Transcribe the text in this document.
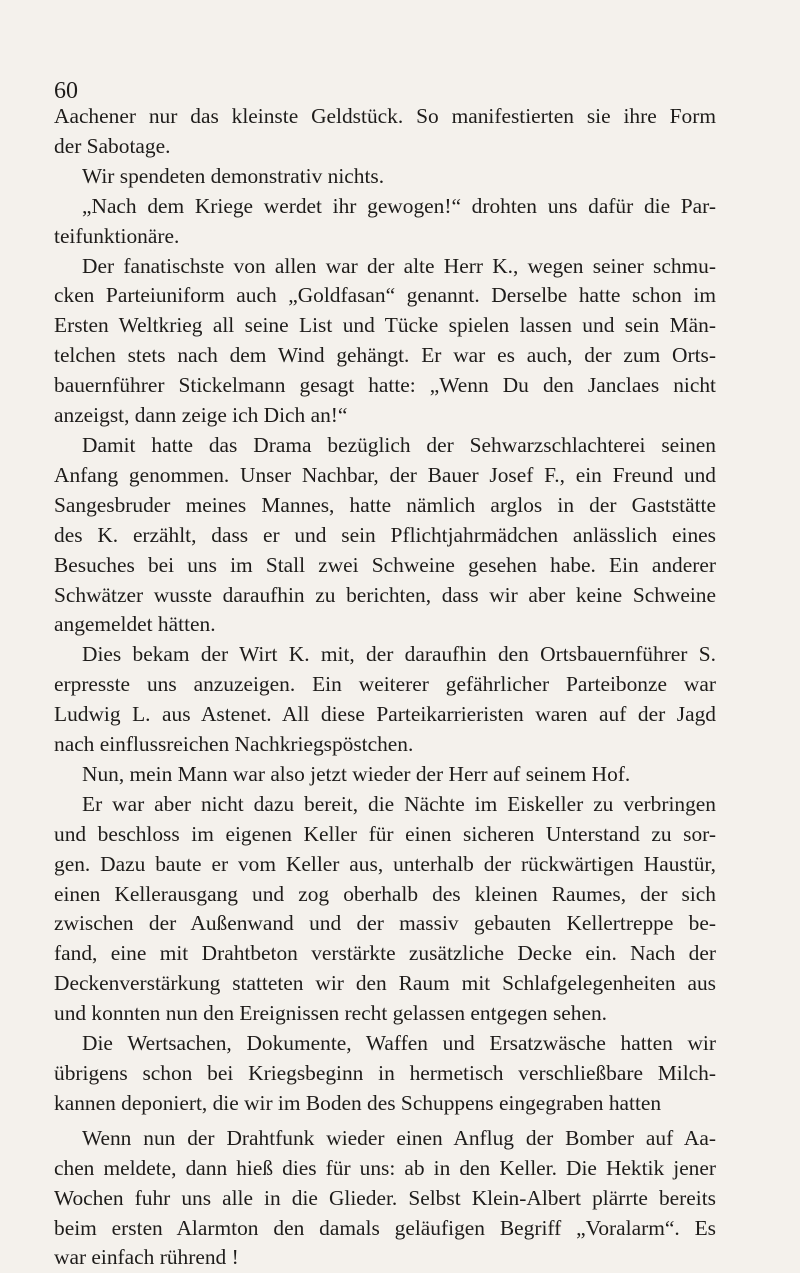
60

Aachener nur das kleinste Geldstück. So manifestierten sie ihre Form
der Sabotage.
Wir spendeten demonstrativ nichts.
„Nach dem Kriege werdet ihr gewogen!“ drohten uns dafür die Par-
teifunktionäre.
Der fanatischste von allen war der alte Herr K., wegen seiner schmu-
cken Parteiuniform auch „Goldfasan“ genannt. Derselbe hatte schon im
Ersten Weltkrieg all seine List und Tücke spielen lassen und sein Män-
telchen stets nach dem Wind gehängt. Er war es auch, der zum Orts-
bauernführer Stickelmann gesagt hatte: „Wenn Du den Janclaes nicht
anzeigst, dann zeige ich Dich an!“
Damit hatte das Drama bezüglich der Sehwarzschlachterei seinen
Anfang genommen. Unser Nachbar, der Bauer Josef F., ein Freund und
Sangesbruder meines Mannes, hatte nämlich arglos in der Gaststätte
des K. erzählt, dass er und sein Pflichtjahrmädchen anlässlich eines
Besuches bei uns im Stall zwei Schweine gesehen habe. Ein anderer
Schwätzer wusste daraufhin zu berichten, dass wir aber keine Schweine
angemeldet hätten.
Dies bekam der Wirt K. mit, der daraufhin den Ortsbauernführer S.
erpresste uns anzuzeigen. Ein weiterer gefährlicher Parteibonze war
Ludwig L. aus Astenet. All diese Parteikarrieristen waren auf der Jagd
nach einflussreichen Nachkriegspöstchen.
Nun, mein Mann war also jetzt wieder der Herr auf seinem Hof.
Er war aber nicht dazu bereit, die Nächte im Eiskeller zu verbringen
und beschloss im eigenen Keller für einen sicheren Unterstand zu sor-
gen. Dazu baute er vom Keller aus, unterhalb der rückwärtigen Haustür,
einen Kellerausgang und zog oberhalb des kleinen Raumes, der sich
zwischen der Außenwand und der massiv gebauten Kellertreppe be-
fand, eine mit Drahtbeton verstärkte zusätzliche Decke ein. Nach der
Deckenverstärkung statteten wir den Raum mit Schlafgelegenheiten aus
und konnten nun den Ereignissen recht gelassen entgegen sehen.
Die Wertsachen, Dokumente, Waffen und Ersatzwäsche hatten wir
übrigens schon bei Kriegsbeginn in hermetisch verschließbare Milch-
kannen deponiert, die wir im Boden des Schuppens eingegraben hatten
Wenn nun der Drahtfunk wieder einen Anflug der Bomber auf Aa-
chen meldete, dann hieß dies für uns: ab in den Keller. Die Hektik jener
Wochen fuhr uns alle in die Glieder. Selbst Klein-Albert plärrte bereits
beim ersten Alarmton den damals geläufigen Begriff „Voralarm“. Es
war einfach rührend !
